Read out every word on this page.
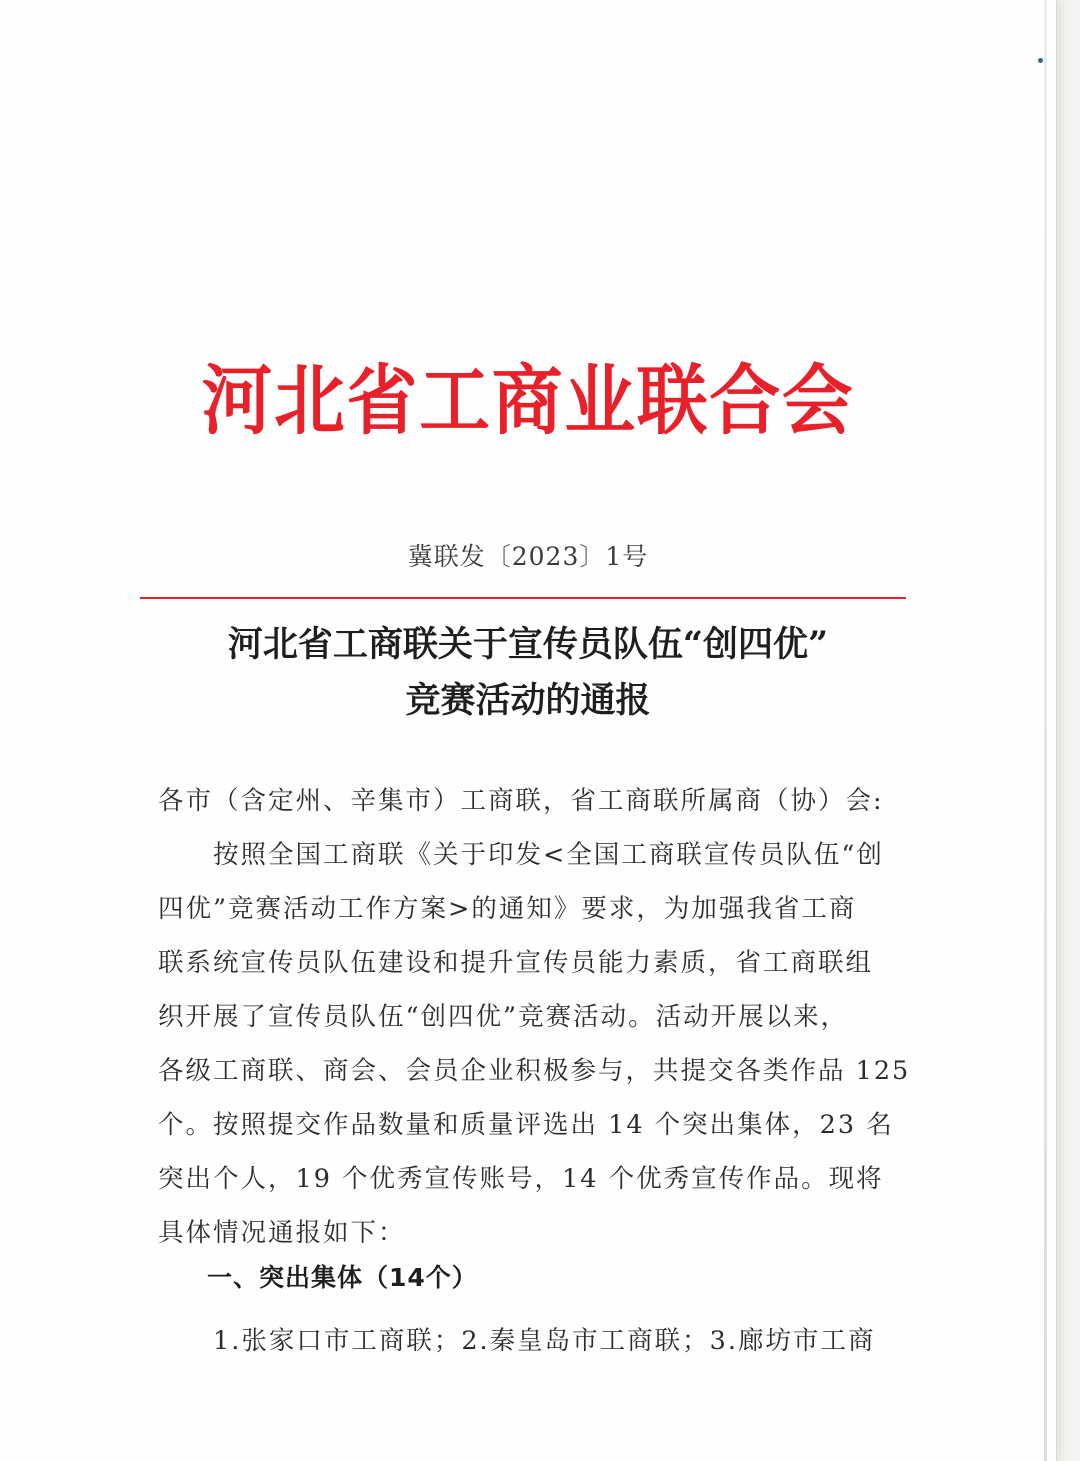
河北省工商业联合会
冀联发〔2023〕1号
河北省工商联关于宣传员队伍“创四优”
竞赛活动的通报
各市（含定州、辛集市）工商联，省工商联所属商（协）会:
　　按照全国工商联《关于印发<全国工商联宣传员队伍“创
四优”竞赛活动工作方案>的通知》要求，为加强我省工商
联系统宣传员队伍建设和提升宣传员能力素质，省工商联组
织开展了宣传员队伍“创四优”竞赛活动。活动开展以来，
各级工商联、商会、会员企业积极参与，共提交各类作品 125
个。按照提交作品数量和质量评选出 14 个突出集体，23 名
突出个人，19 个优秀宣传账号，14 个优秀宣传作品。现将
具体情况通报如下：
一、突出集体（14个）
　　1.张家口市工商联；2.秦皇岛市工商联；3.廊坊市工商
